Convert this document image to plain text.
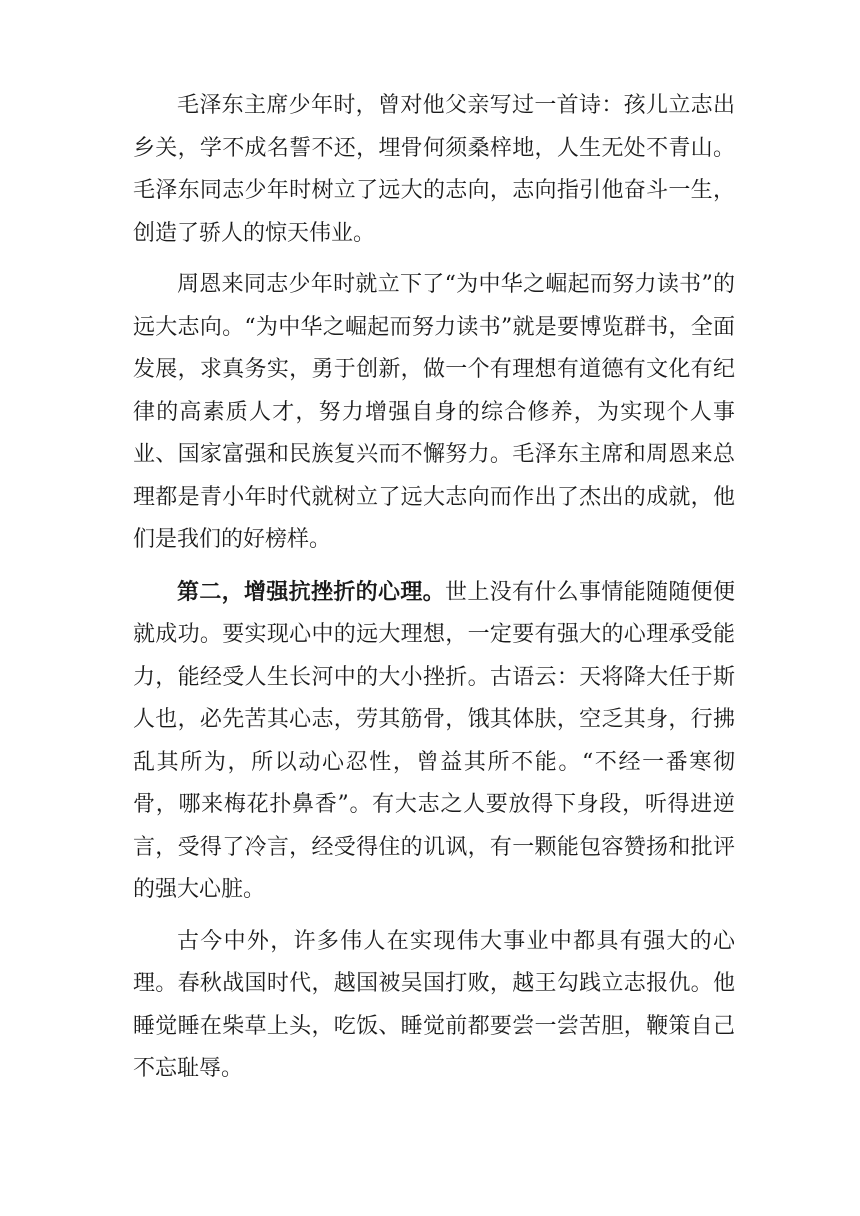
毛泽东主席少年时，曾对他父亲写过一首诗：孩儿立志出乡关，学不成名誓不还，埋骨何须桑梓地，人生无处不青山。毛泽东同志少年时树立了远大的志向，志向指引他奋斗一生，创造了骄人的惊天伟业。

周恩来同志少年时就立下了“为中华之崛起而努力读书”的远大志向。“为中华之崛起而努力读书”就是要博览群书，全面发展，求真务实，勇于创新，做一个有理想有道德有文化有纪律的高素质人才，努力增强自身的综合修养，为实现个人事业、国家富强和民族复兴而不懈努力。毛泽东主席和周恩来总理都是青小年时代就树立了远大志向而作出了杰出的成就，他们是我们的好榜样。

第二，增强抗挫折的心理。世上没有什么事情能随随便便就成功。要实现心中的远大理想，一定要有强大的心理承受能力，能经受人生长河中的大小挫折。古语云：天将降大任于斯人也，必先苦其心志，劳其筋骨，饿其体肤，空乏其身，行拂乱其所为，所以动心忍性，曾益其所不能。“不经一番寒彻骨，哪来梅花扑鼻香”。有大志之人要放得下身段，听得进逆言，受得了冷言，经受得住的讥讽，有一颗能包容赞扬和批评的强大心脏。

古今中外，许多伟人在实现伟大事业中都具有强大的心理。春秋战国时代，越国被吴国打败，越王勾践立志报仇。他睡觉睡在柴草上头，吃饭、睡觉前都要尝一尝苦胆，鞭策自己不忘耻辱。
